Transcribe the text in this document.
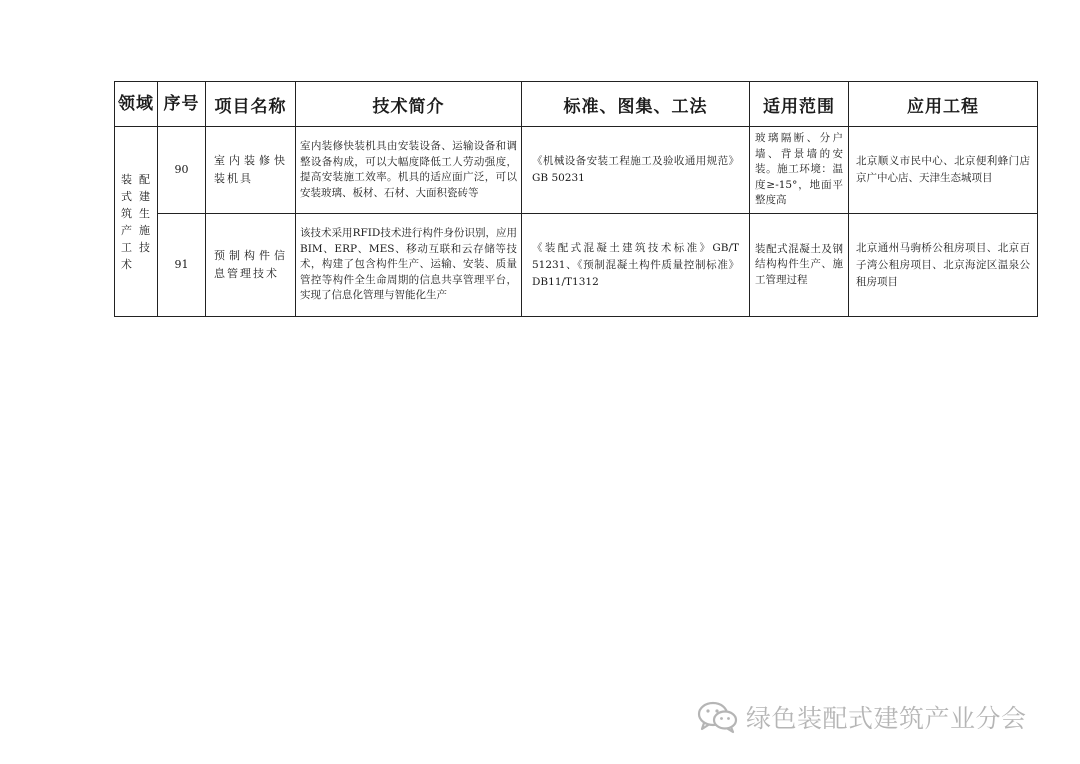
领域	序号	项目名称	技术简介	标准、图集、工法	适用范围	应用工程
装配式建筑生产施工技术	90	室内装修快装机具	室内装修快装机具由安装设备、运输设备和调整设备构成，可以大幅度降低工人劳动强度，提高安装施工效率。机具的适应面广泛，可以安装玻璃、板材、石材、大面积瓷砖等	《机械设备安装工程施工及验收通用规范》GB 50231	玻璃隔断、分户墙、背景墙的安装。施工环境：温度≥-15°，地面平整度高	北京顺义市民中心、北京便利蜂门店京广中心店、天津生态城项目
	91	预制构件信息管理技术	该技术采用RFID技术进行构件身份识别，应用BIM、ERP、MES、移动互联和云存储等技术，构建了包含构件生产、运输、安装、质量管控等构件全生命周期的信息共享管理平台，实现了信息化管理与智能化生产	《装配式混凝土建筑技术标准》GB/T 51231、《预制混凝土构件质量控制标准》DB11/T1312	装配式混凝土及钢结构构件生产、施工管理过程	北京通州马驹桥公租房项目、北京百子湾公租房项目、北京海淀区温泉公租房项目
绿色装配式建筑产业分会
